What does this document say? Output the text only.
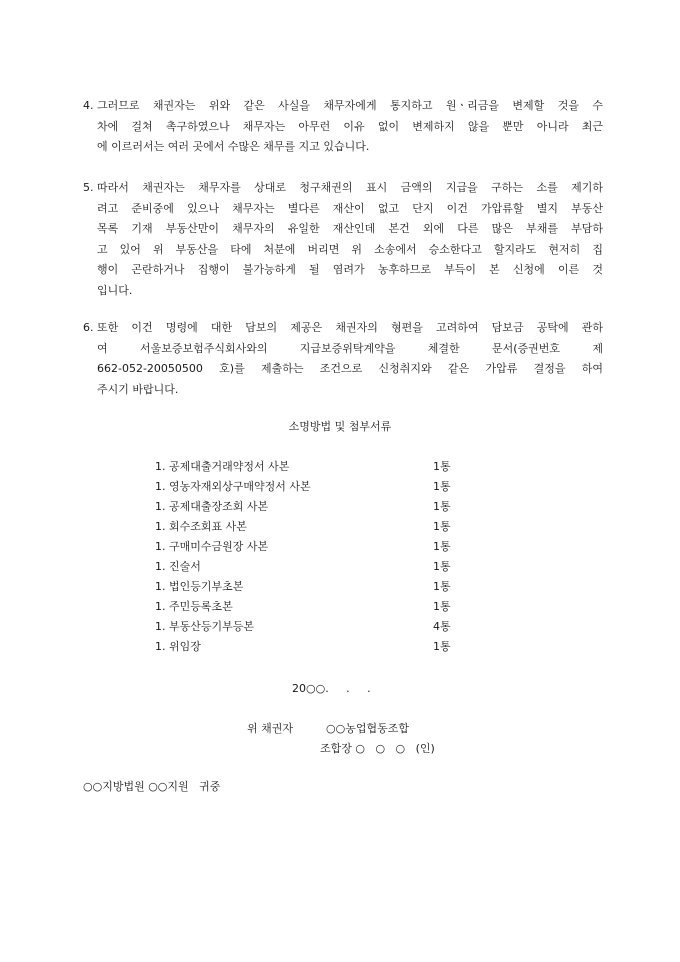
4. 그러므로 채권자는 위와 같은 사실을 채무자에게 통지하고 원ㆍ리금을 변제할 것을 수
차에 걸쳐 촉구하였으나 채무자는 아무런 이유 없이 변제하지 않을 뿐만 아니라 최근
에 이르러서는 여러 곳에서 수많은 채무를 지고 있습니다.
5. 따라서 채권자는 채무자를 상대로 청구채권의 표시 금액의 지급을 구하는 소를 제기하
려고 준비중에 있으나 채무자는 별다른 재산이 없고 단지 이건 가압류할 별지 부동산
목록 기재 부동산만이 채무자의 유일한 재산인데 본건 외에 다른 많은 부채를 부담하
고 있어 위 부동산을 타에 처분에 버리면 위 소송에서 승소한다고 할지라도 현저히 집
행이 곤란하거나 집행이 불가능하게 될 염려가 농후하므로 부득이 본 신청에 이른 것
입니다.
6. 또한 이건 명령에 대한 담보의 제공은 채권자의 형편을 고려하여 담보금 공탁에 관하
여 서울보증보험주식회사와의 지급보증위탁계약을 체결한 문서(증권번호 제
662-052-20050500 호)를 제출하는 조건으로 신청취지와 같은 가압류 결정을 하여
주시기 바랍니다.
소명방법 및 첨부서류
1. 공제대출거래약정서 사본	1통
1. 영농자재외상구매약정서 사본	1통
1. 공제대출장조회 사본	1통
1. 회수조회표 사본	1통
1. 구매미수금원장 사본	1통
1. 진술서	1통
1. 법인등기부초본	1통
1. 주민등록초본	1통
1. 부동산등기부등본	4통
1. 위임장	1통
20○○.     .     .
위 채권자	○○농업협동조합
조합장 ○   ○   ○   (인)
○○지방법원 ○○지원   귀중
